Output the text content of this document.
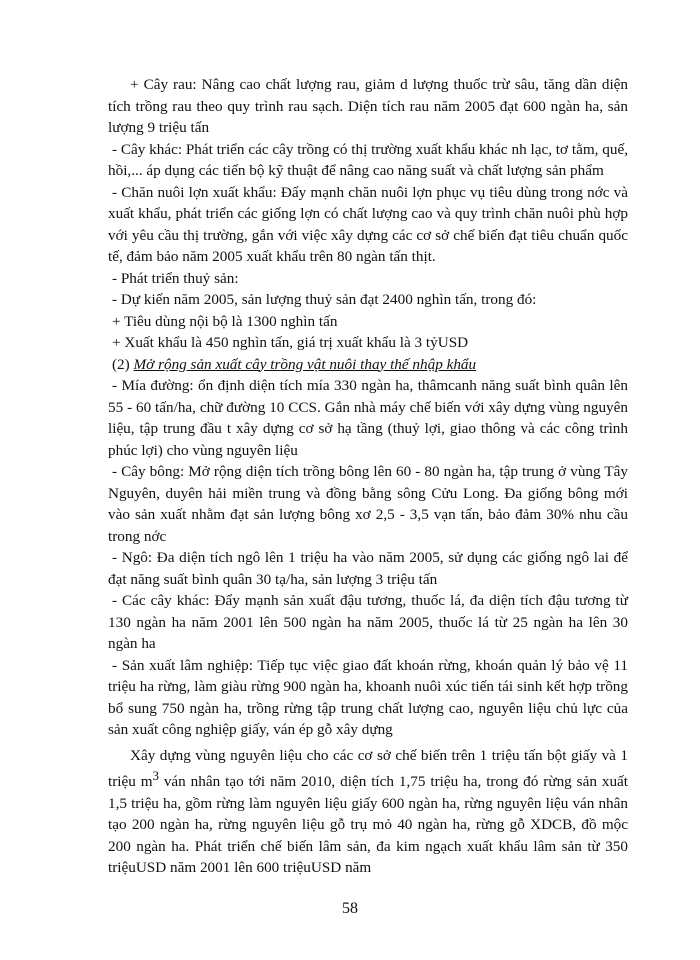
+ Cây rau: Nâng cao chất lượng rau, giảm d lượng thuốc trừ sâu, tăng dần diện tích trồng rau theo quy trình rau sạch. Diện tích rau năm 2005 đạt 600 ngàn ha, sản lượng 9 triệu tấn

- Cây khác: Phát triển các cây trồng có thị trường xuất khẩu khác nh lạc, tơ tằm, quế, hồi,... áp dụng các tiến bộ kỹ thuật để nâng cao năng suất và chất lượng sản phẩm

- Chăn nuôi lợn xuất khẩu: Đẩy mạnh chăn nuôi lợn phục vụ tiêu dùng trong nớc và xuất khẩu, phát triển các giống lợn có chất lượng cao và quy trình chăn nuôi phù hợp với yêu cầu thị trường, gắn với việc xây dựng các cơ sở chế biến đạt tiêu chuẩn quốc tế, đảm bảo năm 2005 xuất khẩu trên 80 ngàn tấn thịt.

- Phát triển thuỷ sản:

- Dự kiến năm 2005, sản lượng thuỷ sản đạt 2400 nghìn tấn, trong đó:

+ Tiêu dùng nội bộ là 1300 nghìn tấn

+ Xuất khẩu là 450 nghìn tấn, giá trị xuất khẩu là 3 tỷUSD

(2) Mở rộng sản xuất cây trồng vật nuôi thay thế nhập khẩu

- Mía đường: ổn định diện tích mía 330 ngàn ha, thâmcanh năng suất bình quân lên 55 - 60 tấn/ha, chữ đường 10 CCS. Gắn nhà máy chế biến với xây dựng vùng nguyên liệu, tập trung đầu t xây dựng cơ sở hạ tầng (thuỷ lợi, giao thông và các công trình phúc lợi) cho vùng nguyên liệu

- Cây bông: Mở rộng diện tích trồng bông lên 60 - 80 ngàn ha, tập trung ở vùng Tây Nguyên, duyên hải miền trung và đồng bằng sông Cửu Long. Đa giống bông mới vào sản xuất nhằm đạt sản lượng bông xơ 2,5 - 3,5 vạn tấn, bảo đảm 30% nhu cầu trong nớc

- Ngô: Đa diện tích ngô lên 1 triệu ha vào năm 2005, sử dụng các giống ngô lai để đạt năng suất bình quân 30 tạ/ha, sản lượng 3 triệu tấn

- Các cây khác: Đẩy mạnh sản xuất đậu tương, thuốc lá, đa diện tích đậu tương từ 130 ngàn ha năm 2001 lên 500 ngàn ha năm 2005, thuốc lá từ 25 ngàn ha lên 30 ngàn ha

- Sản xuất lâm nghiệp: Tiếp tục việc giao đất khoán rừng, khoán quản lý bảo vệ 11 triệu ha rừng, làm giàu rừng 900 ngàn ha, khoanh nuôi xúc tiến tái sinh kết hợp trồng bổ sung 750 ngàn ha, trồng rừng tập trung chất lượng cao, nguyên liệu chủ lực của sản xuất công nghiệp giấy, ván ép gỗ xây dựng

Xây dựng vùng nguyên liệu cho các cơ sở chế biến trên 1 triệu tấn bột giấy và 1 triệu $m^3$ ván nhân tạo tới năm 2010, diện tích 1,75 triệu ha, trong đó rừng sản xuất 1,5 triệu ha, gồm rừng làm nguyên liệu giấy 600 ngàn ha, rừng nguyên liệu ván nhân tạo 200 ngàn ha, rừng nguyên liệu gỗ trụ mỏ 40 ngàn ha, rừng gỗ XDCB, đồ mộc 200 ngàn ha. Phát triển chế biến lâm sản, đa kim ngạch xuất khẩu lâm sản từ 350 triệuUSD năm 2001 lên 600 triệuUSD năm

58
